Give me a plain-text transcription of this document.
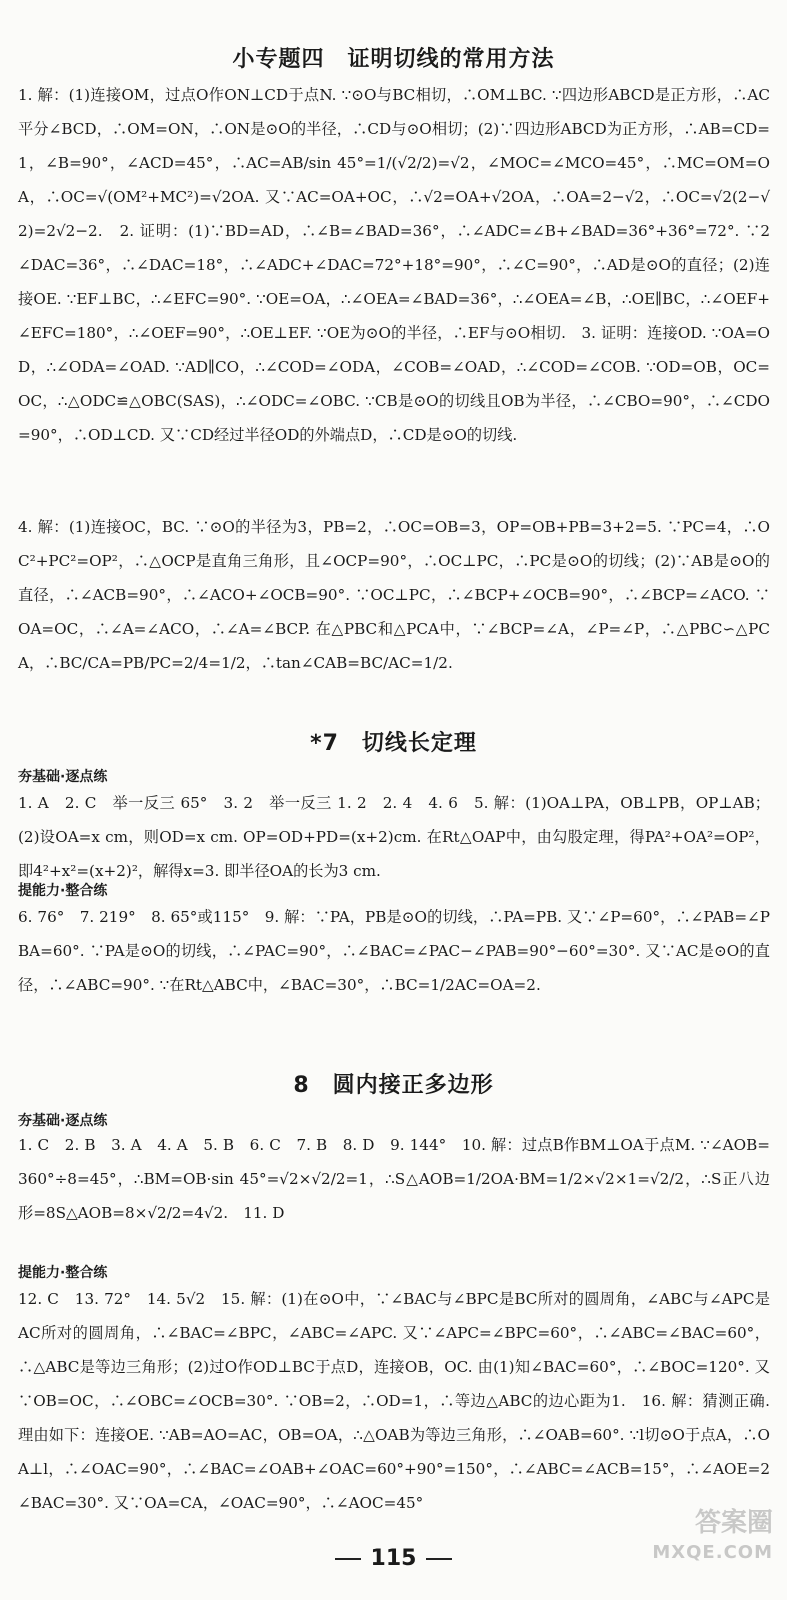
小专题四　证明切线的常用方法

1. 解：(1)连接OM，过点O作ON⊥CD于点N. ∵⊙O与BC相切，∴OM⊥BC. ∵四边形ABCD是正方形，∴AC平分∠BCD，∴OM=ON，∴ON是⊙O的半径，∴CD与⊙O相切；(2)∵四边形ABCD为正方形，∴AB=CD=1，∠B=90°，∠ACD=45°，∴AC=AB/sin 45°=1/(√2/2)=√2，∠MOC=∠MCO=45°，∴MC=OM=OA，∴OC=√(OM²+MC²)=√2OA. 又∵AC=OA+OC，∴√2=OA+√2OA，∴OA=2−√2，∴OC=√2(2−√2)=2√2−2.　2. 证明：(1)∵BD=AD，∴∠B=∠BAD=36°，∴∠ADC=∠B+∠BAD=36°+36°=72°. ∵2∠DAC=36°，∴∠DAC=18°，∴∠ADC+∠DAC=72°+18°=90°，∴∠C=90°，∴AD是⊙O的直径；(2)连接OE. ∵EF⊥BC，∴∠EFC=90°. ∵OE=OA，∴∠OEA=∠BAD=36°，∴∠OEA=∠B，∴OE∥BC，∴∠OEF+∠EFC=180°，∴∠OEF=90°，∴OE⊥EF. ∵OE为⊙O的半径，∴EF与⊙O相切.　3. 证明：连接OD. ∵OA=OD，∴∠ODA=∠OAD. ∵AD∥CO，∴∠COD=∠ODA，∠COB=∠OAD，∴∠COD=∠COB. ∵OD=OB，OC=OC，∴△ODC≌△OBC(SAS)，∴∠ODC=∠OBC. ∵CB是⊙O的切线且OB为半径，∴∠CBO=90°，∴∠CDO=90°，∴OD⊥CD. 又∵CD经过半径OD的外端点D，∴CD是⊙O的切线.

4. 解：(1)连接OC，BC. ∵⊙O的半径为3，PB=2，∴OC=OB=3，OP=OB+PB=3+2=5. ∵PC=4，∴OC²+PC²=OP²，∴△OCP是直角三角形，且∠OCP=90°，∴OC⊥PC，∴PC是⊙O的切线；(2)∵AB是⊙O的直径，∴∠ACB=90°，∴∠ACO+∠OCB=90°. ∵OC⊥PC，∴∠BCP+∠OCB=90°，∴∠BCP=∠ACO. ∵OA=OC，∴∠A=∠ACO，∴∠A=∠BCP. 在△PBC和△PCA中，∵∠BCP=∠A，∠P=∠P，∴△PBC∽△PCA，∴BC/CA=PB/PC=2/4=1/2，∴tan∠CAB=BC/AC=1/2.

*7　切线长定理
夯基础·逐点练

1. A　2. C　举一反三 65°　3. 2　举一反三 1. 2　2. 4　4. 6　5. 解：(1)OA⊥PA，OB⊥PB，OP⊥AB；(2)设OA=x cm，则OD=x cm. OP=OD+PD=(x+2)cm. 在Rt△OAP中，由勾股定理，得PA²+OA²=OP²，即4²+x²=(x+2)²，解得x=3. 即半径OA的长为3 cm.

提能力·整合练

6. 76°　7. 219°　8. 65°或115°　9. 解：∵PA，PB是⊙O的切线，∴PA=PB. 又∵∠P=60°，∴∠PAB=∠PBA=60°. ∵PA是⊙O的切线，∴∠PAC=90°，∴∠BAC=∠PAC−∠PAB=90°−60°=30°. 又∵AC是⊙O的直径，∴∠ABC=90°. ∵在Rt△ABC中，∠BAC=30°，∴BC=1/2AC=OA=2.

8　圆内接正多边形
夯基础·逐点练

1. C　2. B　3. A　4. A　5. B　6. C　7. B　8. D　9. 144°　10. 解：过点B作BM⊥OA于点M. ∵∠AOB=360°÷8=45°，∴BM=OB·sin 45°=√2×√2/2=1，∴S△AOB=1/2OA·BM=1/2×√2×1=√2/2，∴S正八边形=8S△AOB=8×√2/2=4√2.　11. D

提能力·整合练

12. C　13. 72°　14. 5√2　15. 解：(1)在⊙O中，∵∠BAC与∠BPC是BC所对的圆周角，∠ABC与∠APC是AC所对的圆周角，∴∠BAC=∠BPC，∠ABC=∠APC. 又∵∠APC=∠BPC=60°，∴∠ABC=∠BAC=60°，∴△ABC是等边三角形；(2)过O作OD⊥BC于点D，连接OB，OC. 由(1)知∠BAC=60°，∴∠BOC=120°. 又∵OB=OC，∴∠OBC=∠OCB=30°. ∵OB=2，∴OD=1，∴等边△ABC的边心距为1.　16. 解：猜测正确. 理由如下：连接OE. ∵AB=AO=AC，OB=OA，∴△OAB为等边三角形，∴∠OAB=60°. ∵l切⊙O于点A，∴OA⊥l，∴∠OAC=90°，∴∠BAC=∠OAB+∠OAC=60°+90°=150°，∴∠ABC=∠ACB=15°，∴∠AOE=2∠BAC=30°. 又∵OA=CA，∠OAC=90°，∴∠AOC=45°

115
答案圈
MXQE.COM
